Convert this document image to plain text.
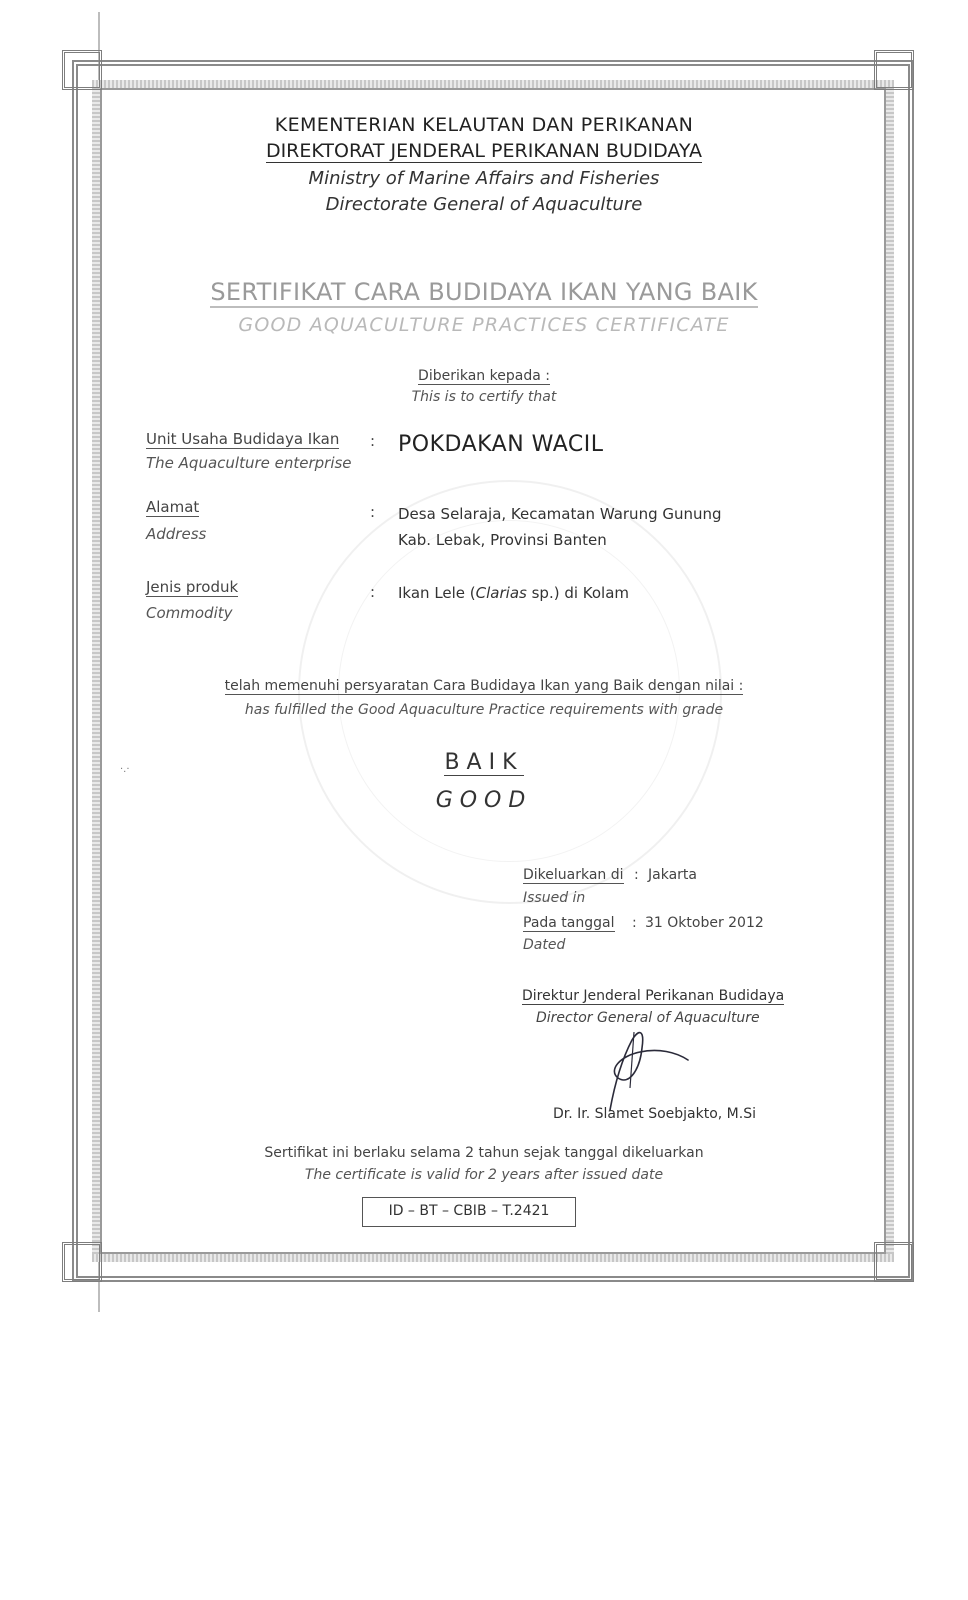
·.·
KEMENTERIAN KELAUTAN DAN PERIKANAN
DIREKTORAT JENDERAL PERIKANAN BUDIDAYA
Ministry of Marine Affairs and Fisheries
Directorate General of Aquaculture
SERTIFIKAT CARA BUDIDAYA IKAN YANG BAIK
GOOD AQUACULTURE PRACTICES CERTIFICATE
Diberikan kepada :
This is to certify that
Unit Usaha Budidaya Ikan
The Aquaculture enterprise
: POKDAKAN WACIL
Alamat
Address
: Desa Selaraja, Kecamatan Warung Gunung
Kab. Lebak, Provinsi Banten
Jenis produk
Commodity
: Ikan Lele (Clarias sp.) di Kolam
telah memenuhi persyaratan Cara Budidaya Ikan yang Baik dengan nilai :
has fulfilled the Good Aquaculture Practice requirements with grade
BAIK
GOOD
Dikeluarkan di : Jakarta
Issued in
Pada tanggal : 31 Oktober 2012
Dated
Direktur Jenderal Perikanan Budidaya
Director General of Aquaculture
Dr. Ir. Slamet Soebjakto, M.Si
Sertifikat ini berlaku selama 2 tahun sejak tanggal dikeluarkan
The certificate is valid for 2 years after issued date
ID – BT – CBIB – T.2421
